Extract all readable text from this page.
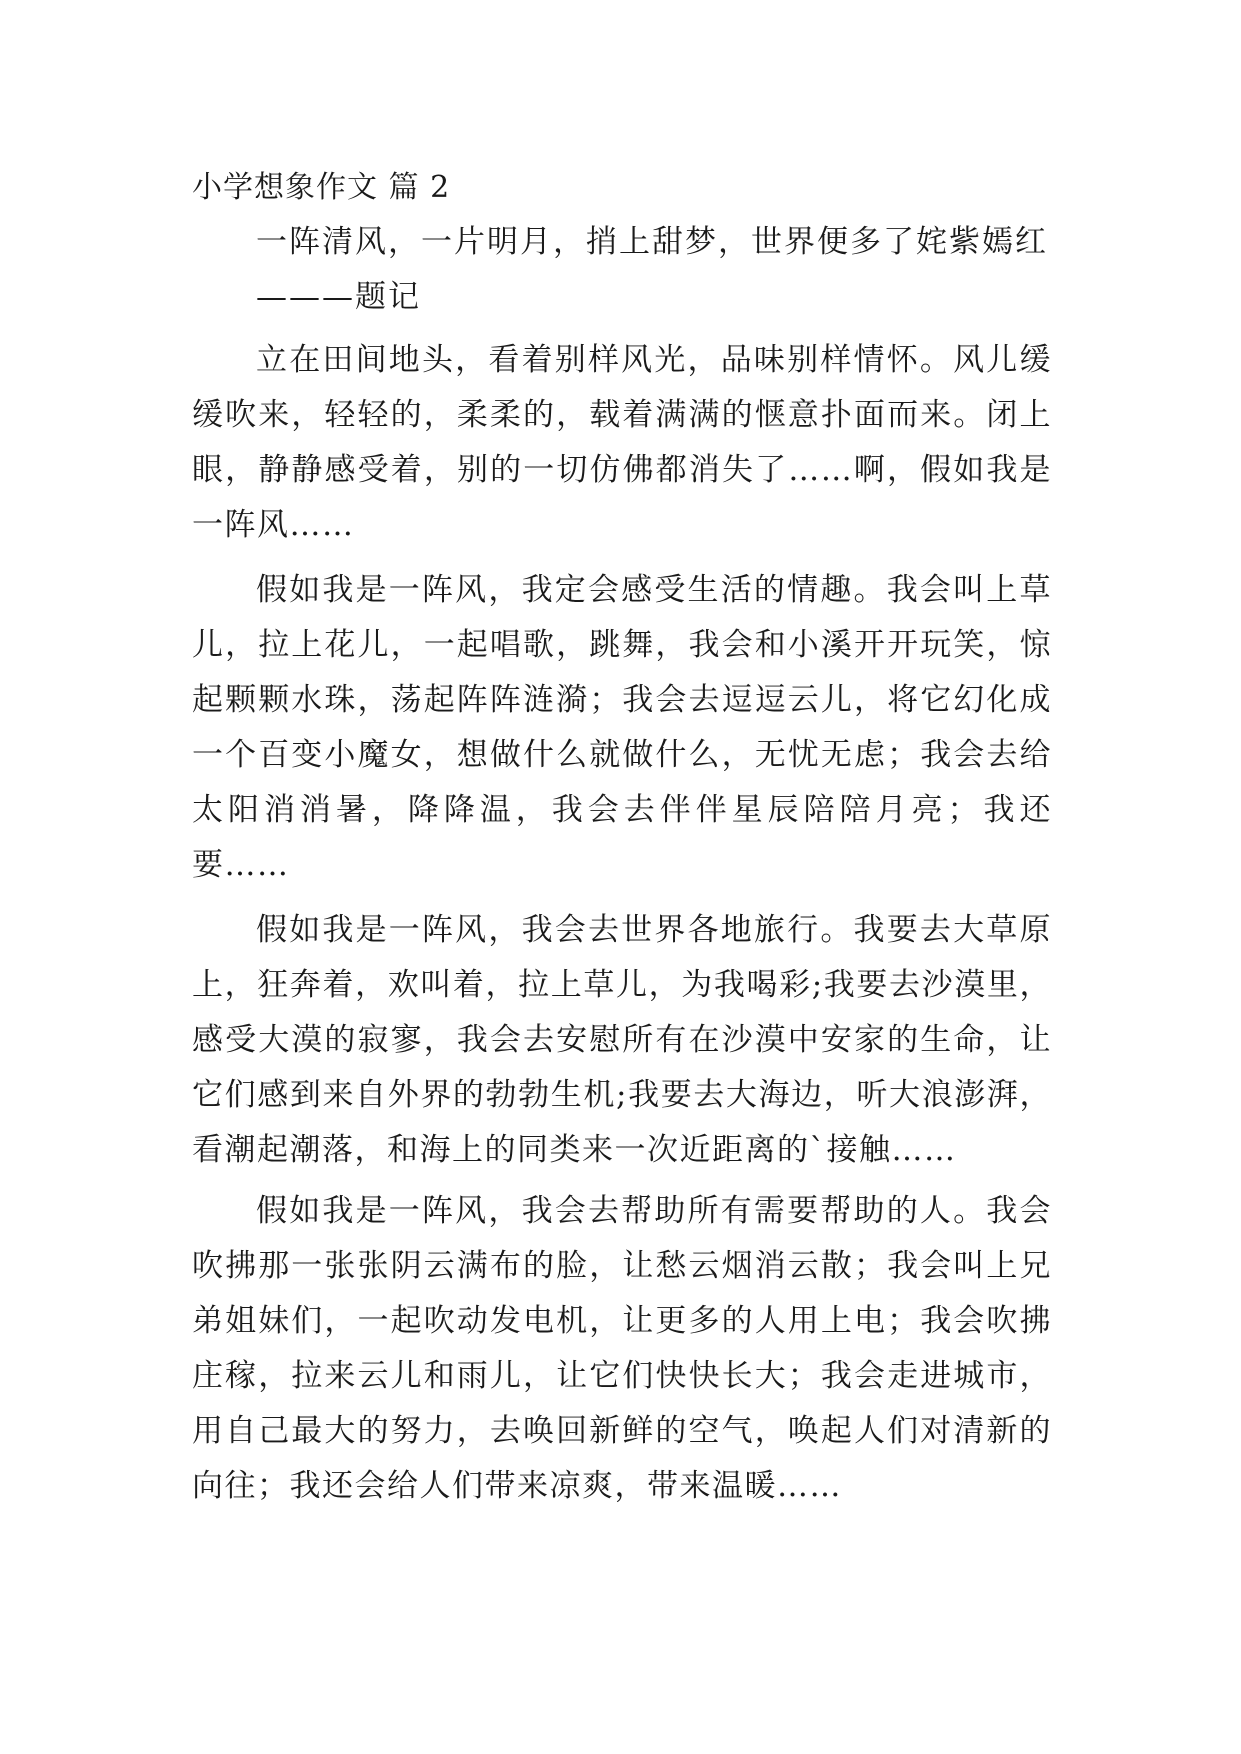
小学想象作文 篇 2

一阵清风，一片明月，捎上甜梦，世界便多了姹紫嫣红

———题记

立在田间地头，看着别样风光，品味别样情怀。风儿缓缓吹来，轻轻的，柔柔的，载着满满的惬意扑面而来。闭上眼，静静感受着，别的一切仿佛都消失了……啊，假如我是一阵风……

假如我是一阵风，我定会感受生活的情趣。我会叫上草儿，拉上花儿，一起唱歌，跳舞，我会和小溪开开玩笑，惊起颗颗水珠，荡起阵阵涟漪；我会去逗逗云儿，将它幻化成一个百变小魔女，想做什么就做什么，无忧无虑；我会去给太阳消消暑，降降温，我会去伴伴星辰陪陪月亮；我还要……

假如我是一阵风，我会去世界各地旅行。我要去大草原上，狂奔着，欢叫着，拉上草儿，为我喝彩;我要去沙漠里，感受大漠的寂寥，我会去安慰所有在沙漠中安家的生命，让它们感到来自外界的勃勃生机;我要去大海边，听大浪澎湃，看潮起潮落，和海上的同类来一次近距离的`接触……

假如我是一阵风，我会去帮助所有需要帮助的人。我会吹拂那一张张阴云满布的脸，让愁云烟消云散；我会叫上兄弟姐妹们，一起吹动发电机，让更多的人用上电；我会吹拂庄稼，拉来云儿和雨儿，让它们快快长大；我会走进城市，用自己最大的努力，去唤回新鲜的空气，唤起人们对清新的向往；我还会给人们带来凉爽，带来温暖……
